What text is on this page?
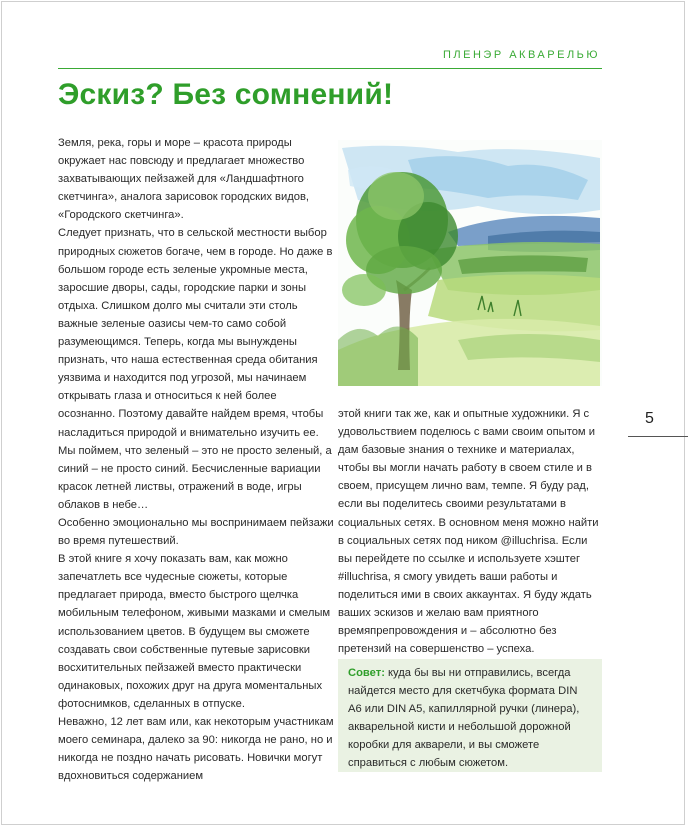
ПЛЕНЭР АКВАРЕЛЬЮ
Эскиз? Без сомнений!

Земля, река, горы и море – красота природы окружает нас повсюду и предлагает множество захватывающих пейзажей для «Ландшафтного скетчинга», аналога зарисовок городских видов, «Городского скетчинга».

Следует признать, что в сельской местности выбор природных сюжетов богаче, чем в городе. Но даже в большом городе есть зеленые укромные места, заросшие дворы, сады, городские парки и зоны отдыха. Слишком долго мы считали эти столь важные зеленые оазисы чем-то само собой разумеющимся. Теперь, когда мы вынуждены признать, что наша естественная среда обитания уязвима и находится под угрозой, мы начинаем открывать глаза и относиться к ней более осознанно. Поэтому давайте найдем время, чтобы насладиться природой и внимательно изучить ее. Мы поймем, что зеленый – это не просто зеленый, а синий – не просто синий. Бесчисленные вариации красок летней листвы, отражений в воде, игры облаков в небе…

Особенно эмоционально мы воспринимаем пейзажи во время путешествий.

В этой книге я хочу показать вам, как можно запечатлеть все чудесные сюжеты, которые предлагает природа, вместо быстрого щелчка мобильным телефоном, живыми мазками и смелым использованием цветов. В будущем вы сможете создавать свои собственные путевые зарисовки восхитительных пейзажей вместо практически одинаковых, похожих друг на друга моментальных фотоснимков, сделанных в отпуске.

Неважно, 12 лет вам или, как некоторым участникам моего семинара, далеко за 90: никогда не рано, но и никогда не поздно начать рисовать. Новички могут вдохновиться содержанием

5

этой книги так же, как и опытные художники. Я с удовольствием поделюсь с вами своим опытом и дам базовые знания о технике и материалах, чтобы вы могли начать работу в своем стиле и в своем, присущем лично вам, темпе. Я буду рад, если вы поделитесь своими результатами в социальных сетях. В основном меня можно найти в социальных сетях под ником @illuchrisa. Если вы перейдете по ссылке и используете хэштег #illuchrisa, я смогу увидеть ваши работы и поделиться ими в своих аккаунтах. Я буду ждать ваших эскизов и желаю вам приятного времяпрепровождения и – абсолютно без претензий на совершенство – успеха.

Совет: куда бы вы ни отправились, всегда найдется место для скетчбука формата DIN A6 или DIN A5, капиллярной ручки (линера), акварельной кисти и небольшой дорожной коробки для акварели, и вы сможете справиться с любым сюжетом.
